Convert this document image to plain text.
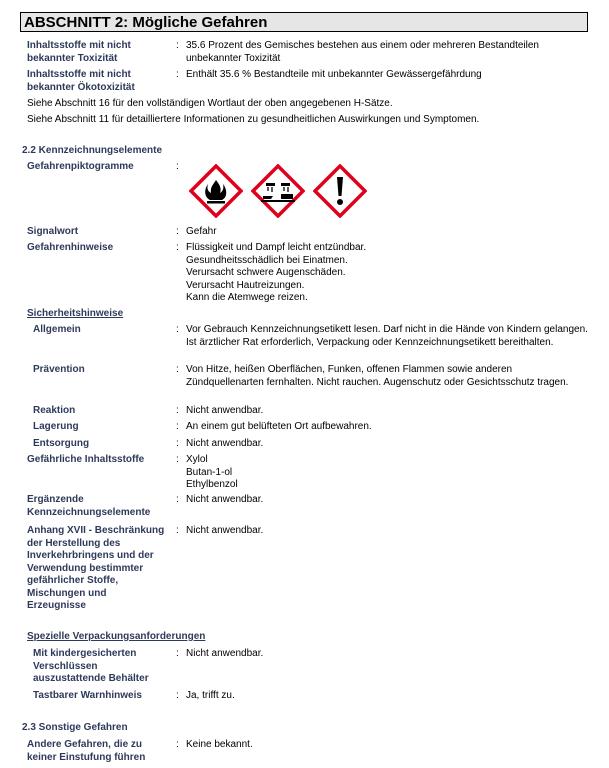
ABSCHNITT 2: Mögliche Gefahren
Inhaltsstoffe mit nicht bekannter Toxizität
: 35.6 Prozent des Gemisches bestehen aus einem oder mehreren Bestandteilen unbekannter Toxizität
Inhaltsstoffe mit nicht bekannter Ökotoxizität
: Enthält 35.6 % Bestandteile mit unbekannter Gewässergefährdung
Siehe Abschnitt 16 für den vollständigen Wortlaut der oben angegebenen H-Sätze.
Siehe Abschnitt 11 für detailliertere Informationen zu gesundheitlichen Auswirkungen und Symptomen.
2.2 Kennzeichnungselemente
Gefahrenpiktogramme	:
Signalwort	: Gefahr
Gefahrenhinweise	: Flüssigkeit und Dampf leicht entzündbar.
Gesundheitsschädlich bei Einatmen.
Verursacht schwere Augenschäden.
Verursacht Hautreizungen.
Kann die Atemwege reizen.
Sicherheitshinweise
Allgemein	: Vor Gebrauch Kennzeichnungsetikett lesen. Darf nicht in die Hände von Kindern gelangen. Ist ärztlicher Rat erforderlich, Verpackung oder Kennzeichnungsetikett bereithalten.
Prävention	: Von Hitze, heißen Oberflächen, Funken, offenen Flammen sowie anderen Zündquellenarten fernhalten. Nicht rauchen. Augenschutz oder Gesichtsschutz tragen.
Reaktion	: Nicht anwendbar.
Lagerung	: An einem gut belüfteten Ort aufbewahren.
Entsorgung	: Nicht anwendbar.
Gefährliche Inhaltsstoffe	: Xylol
Butan-1-ol
Ethylbenzol
Ergänzende Kennzeichnungselemente
: Nicht anwendbar.
Anhang XVII - Beschränkung der Herstellung des Inverkehrbringens und der Verwendung bestimmter gefährlicher Stoffe, Mischungen und Erzeugnisse
: Nicht anwendbar.
Spezielle Verpackungsanforderungen
Mit kindergesicherten Verschlüssen auszustattende Behälter
: Nicht anwendbar.
Tastbarer Warnhinweis	: Ja, trifft zu.
2.3 Sonstige Gefahren
Andere Gefahren, die zu keiner Einstufung führen
: Keine bekannt.
